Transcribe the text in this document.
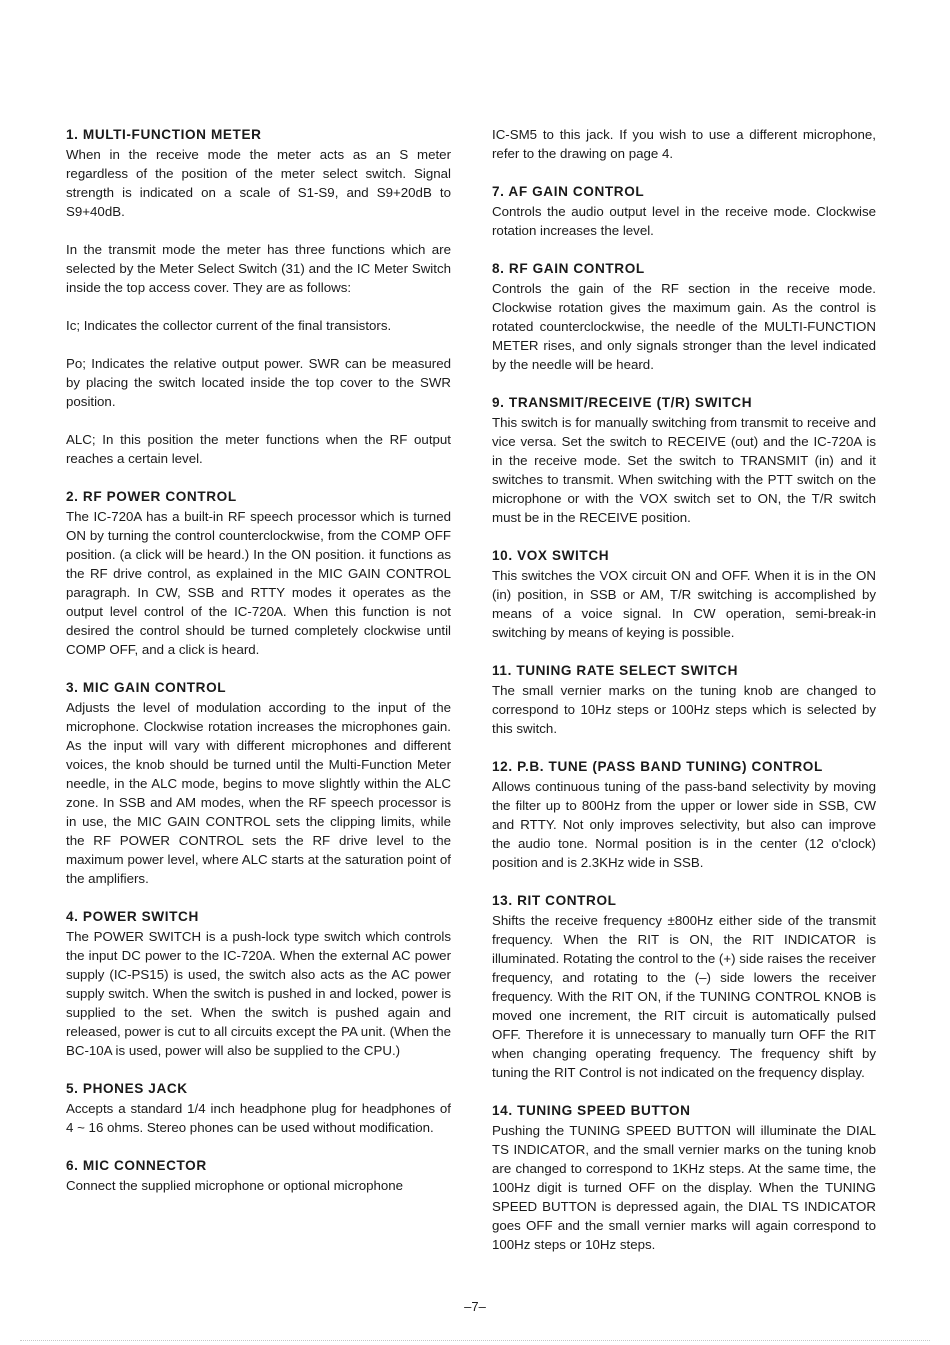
1. MULTI-FUNCTION METER

When in the receive mode the meter acts as an S meter regardless of the position of the meter select switch. Signal strength is indicated on a scale of S1-S9, and S9+20dB to S9+40dB.

In the transmit mode the meter has three functions which are selected by the Meter Select Switch (31) and the IC Meter Switch inside the top access cover. They are as follows:

Ic; Indicates the collector current of the final transistors.

Po; Indicates the relative output power. SWR can be measured by placing the switch located inside the top cover to the SWR position.

ALC; In this position the meter functions when the RF output reaches a certain level.

2. RF POWER CONTROL

The IC-720A has a built-in RF speech processor which is turned ON by turning the control counterclockwise, from the COMP OFF position. (a click will be heard.) In the ON position. it functions as the RF drive control, as explained in the MIC GAIN CONTROL paragraph. In CW, SSB and RTTY modes it operates as the output level control of the IC-720A. When this function is not desired the control should be turned completely clockwise until COMP OFF, and a click is heard.

3. MIC GAIN CONTROL

Adjusts the level of modulation according to the input of the microphone. Clockwise rotation increases the microphones gain. As the input will vary with different microphones and different voices, the knob should be turned until the Multi-Function Meter needle, in the ALC mode, begins to move slightly within the ALC zone. In SSB and AM modes, when the RF speech processor is in use, the MIC GAIN CONTROL sets the clipping limits, while the RF POWER CONTROL sets the RF drive level to the maximum power level, where ALC starts at the saturation point of the amplifiers.

4. POWER SWITCH

The POWER SWITCH is a push-lock type switch which controls the input DC power to the IC-720A. When the external AC power supply (IC-PS15) is used, the switch also acts as the AC power supply switch. When the switch is pushed in and locked, power is supplied to the set. When the switch is pushed again and released, power is cut to all circuits except the PA unit. (When the BC-10A is used, power will also be supplied to the CPU.)

5. PHONES JACK

Accepts a standard 1/4 inch headphone plug for headphones of 4 ~ 16 ohms. Stereo phones can be used without modification.

6. MIC CONNECTOR

Connect the supplied microphone or optional microphone

IC-SM5 to this jack. If you wish to use a different microphone, refer to the drawing on page 4.

7. AF GAIN CONTROL

Controls the audio output level in the receive mode. Clockwise rotation increases the level.

8. RF GAIN CONTROL

Controls the gain of the RF section in the receive mode. Clockwise rotation gives the maximum gain. As the control is rotated counterclockwise, the needle of the MULTI-FUNCTION METER rises, and only signals stronger than the level indicated by the needle will be heard.

9. TRANSMIT/RECEIVE (T/R) SWITCH

This switch is for manually switching from transmit to receive and vice versa. Set the switch to RECEIVE (out) and the IC-720A is in the receive mode. Set the switch to TRANSMIT (in) and it switches to transmit. When switching with the PTT switch on the microphone or with the VOX switch set to ON, the T/R switch must be in the RECEIVE position.

10. VOX SWITCH

This switches the VOX circuit ON and OFF. When it is in the ON (in) position, in SSB or AM, T/R switching is accomplished by means of a voice signal. In CW operation, semi-break-in switching by means of keying is possible.

11. TUNING RATE SELECT SWITCH

The small vernier marks on the tuning knob are changed to correspond to 10Hz steps or 100Hz steps which is selected by this switch.

12. P.B. TUNE (PASS BAND TUNING) CONTROL

Allows continuous tuning of the pass-band selectivity by moving the filter up to 800Hz from the upper or lower side in SSB, CW and RTTY. Not only improves selectivity, but also can improve the audio tone. Normal position is in the center (12 o'clock) position and is 2.3KHz wide in SSB.

13. RIT CONTROL

Shifts the receive frequency ±800Hz either side of the transmit frequency. When the RIT is ON, the RIT INDICATOR is illuminated. Rotating the control to the (+) side raises the receiver frequency, and rotating to the (–) side lowers the receiver frequency. With the RIT ON, if the TUNING CONTROL KNOB is moved one increment, the RIT circuit is automatically pulsed OFF. Therefore it is unnecessary to manually turn OFF the RIT when changing operating frequency. The frequency shift by tuning the RIT Control is not indicated on the frequency display.

14. TUNING SPEED BUTTON

Pushing the TUNING SPEED BUTTON will illuminate the DIAL TS INDICATOR, and the small vernier marks on the tuning knob are changed to correspond to 1KHz steps. At the same time, the 100Hz digit is turned OFF on the display. When the TUNING SPEED BUTTON is depressed again, the DIAL TS INDICATOR goes OFF and the small vernier marks will again correspond to 100Hz steps or 10Hz steps.

–7–
